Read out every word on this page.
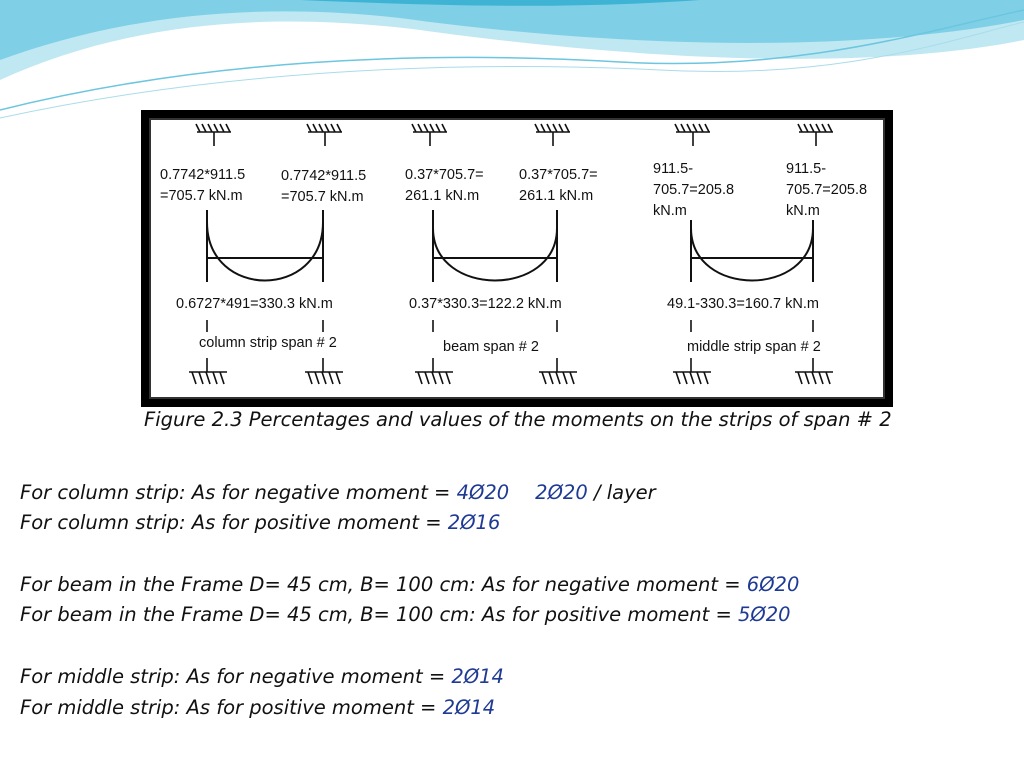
0.7742*911.5
=705.7 kN.m
0.7742*911.5
=705.7 kN.m
0.6727*491=330.3 kN.m
column strip span # 2
0.37*705.7=
261.1 kN.m
0.37*705.7=
261.1 kN.m
0.37*330.3=122.2 kN.m
beam span # 2
911.5-
705.7=205.8
kN.m
911.5-
705.7=205.8
kN.m
49.1-330.3=160.7 kN.m
middle strip span # 2
Figure 2.3 Percentages and values of the moments on the strips of span # 2
For column strip: As for negative moment = 4Ø20 2Ø20 / layer
For column strip: As for positive moment = 2Ø16
For beam in the Frame D= 45 cm, B= 100 cm: As for negative moment = 6Ø20
For beam in the Frame D= 45 cm, B= 100 cm: As for positive moment = 5Ø20
For middle strip: As for negative moment = 2Ø14
For middle strip: As for positive moment = 2Ø14
